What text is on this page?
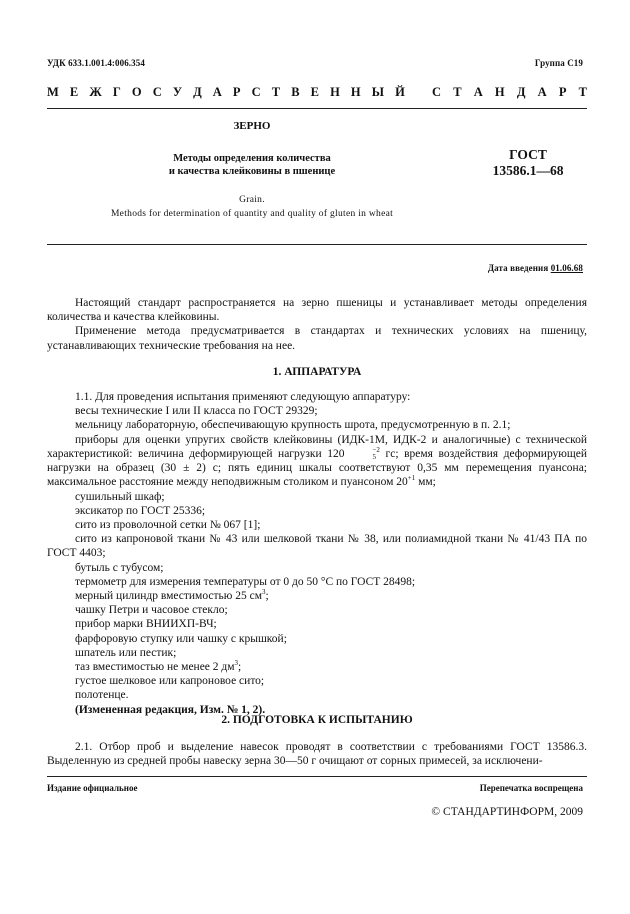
УДК 633.1.001.4:006.354	Группа С19
М Е Ж Г О С У Д А Р С Т В Е Н Н Ы Й С Т А Н Д А Р Т
ЗЕРНО
Методы определения количества
и качества клейковины в пшенице
ГОСТ
13586.1—68
Grain.
Methods for determination of quantity and quality of gluten in wheat
Дата введения 01.06.68

Настоящий стандарт распространяется на зерно пшеницы и устанавливает методы определения количества и качества клейковины.

Применение метода предусматривается в стандартах и технических условиях на пшеницу, устанавливающих технические требования на нее.

1. АППАРАТУРА

1.1. Для проведения испытания применяют следующую аппаратуру:

весы технические I или II класса по ГОСТ 29329;

мельницу лабораторную, обеспечивающую крупность шрота, предусмотренную в п. 2.1;

приборы для оценки упругих свойств клейковины (ИДК-1М, ИДК-2 и аналогичные) с технической характеристикой: величина деформирующей нагрузки 120	−2
5 гс; время воздействия деформирующей нагрузки на образец (30 ± 2) с; пять единиц шкалы соответствуют 0,35 мм перемещения пуансона; максимальное расстояние между неподвижным столиком и пуансоном $20^{+1}$ мм;

сушильный шкаф;

эксикатор по ГОСТ 25336;

сито из проволочной сетки № 067 [1];

сито из капроновой ткани № 43 или шелковой ткани № 38, или полиамидной ткани № 41/43 ПА по ГОСТ 4403;

бутыль с тубусом;

термометр для измерения температуры от 0 до 50 °С по ГОСТ 28498;

мерный цилиндр вместимостью 25 $см^3$;

чашку Петри и часовое стекло;

прибор марки ВНИИХП-ВЧ;

фарфоровую ступку или чашку с крышкой;

шпатель или пестик;

таз вместимостью не менее 2 $дм^3$;

густое шелковое или капроновое сито;

полотенце.

(Измененная редакция, Изм. № 1, 2).

2. ПОДГОТОВКА К ИСПЫТАНИЮ

2.1. Отбор проб и выделение навесок проводят в соответствии с требованиями ГОСТ 13586.3. Выделенную из средней пробы навеску зерна 30—50 г очищают от сорных примесей, за исключени-

Издание официальное	Перепечатка воспрещена
© СТАНДАРТИНФОРМ, 2009
